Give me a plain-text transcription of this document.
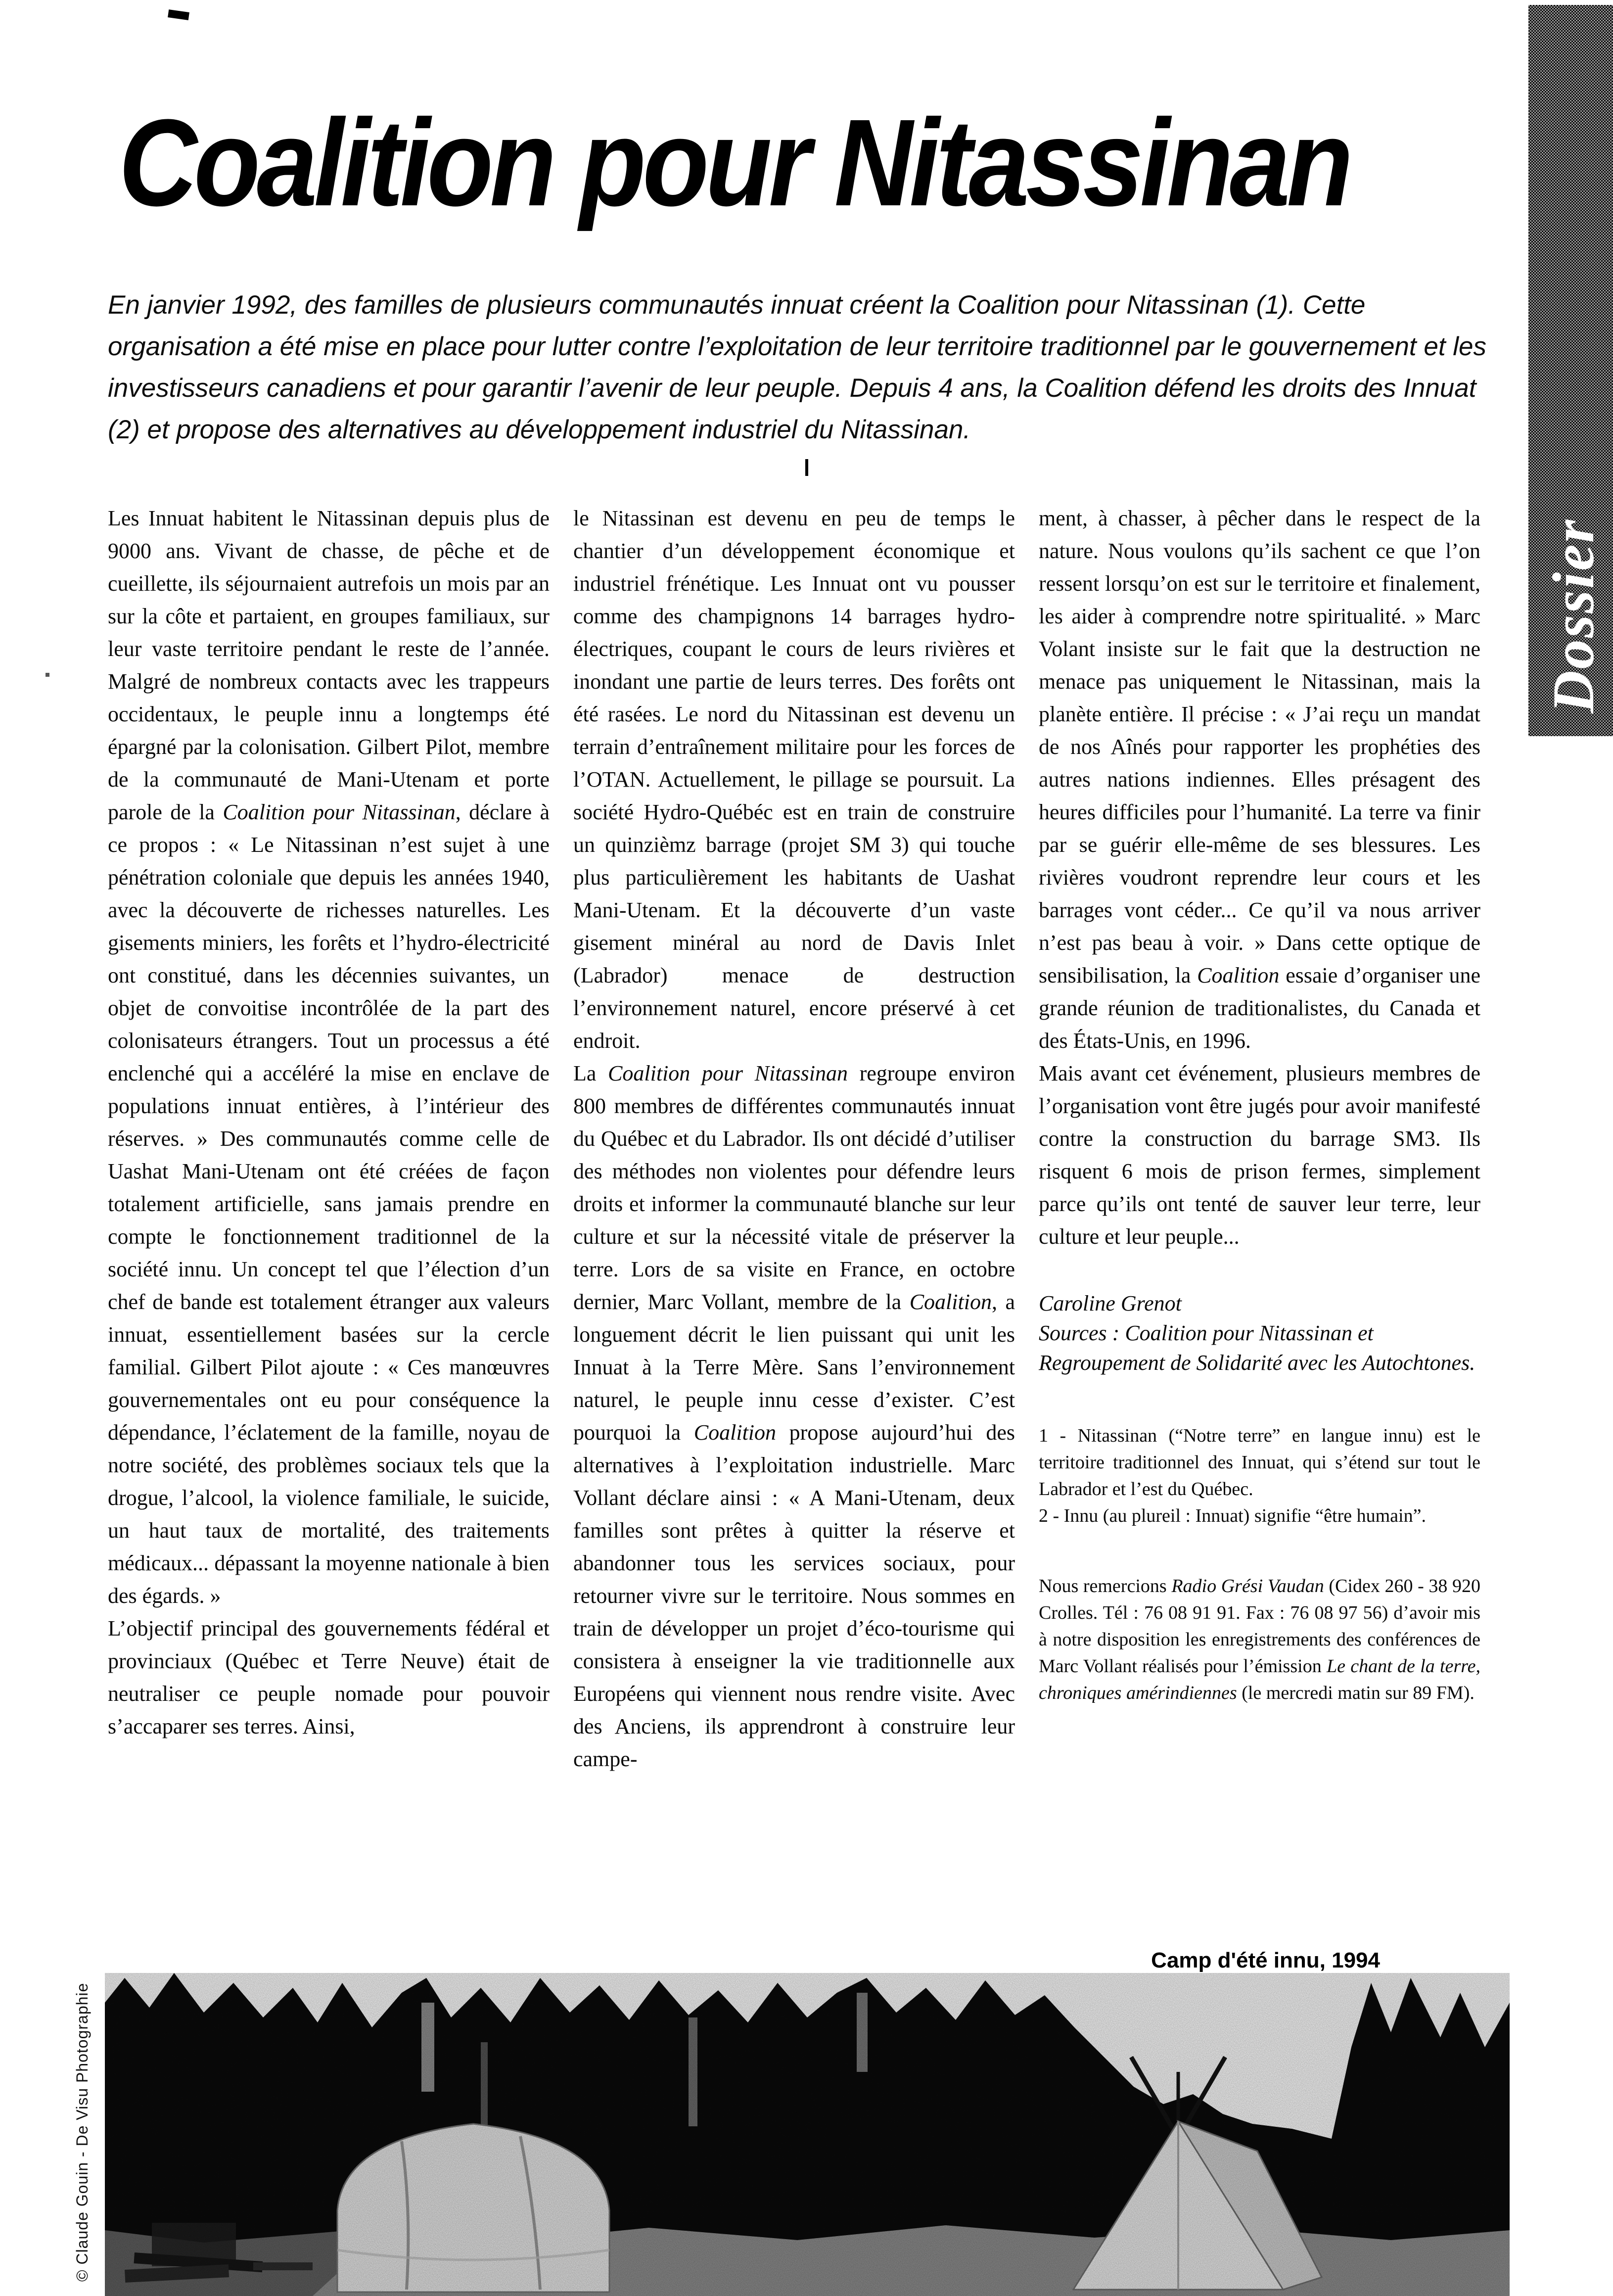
Dossier
Coalition pour Nitassinan

En janvier 1992, des familles de plusieurs communautés innuat créent la Coalition pour Nitassinan (1). Cette organisation a été mise en place pour lutter contre l’exploitation de leur territoire traditionnel par le gouvernement et les investisseurs canadiens et pour garantir l’avenir de leur peuple. Depuis 4 ans, la Coalition défend les droits des Innuat (2) et propose des alternatives au développement industriel du Nitassinan.

Les Innuat habitent le Nitassinan depuis plus de 9000 ans. Vivant de chasse, de pêche et de cueillette, ils séjournaient autrefois un mois par an sur la côte et partaient, en groupes familiaux, sur leur vaste territoire pendant le reste de l’année. Malgré de nombreux contacts avec les trappeurs occidentaux, le peuple innu a longtemps été épargné par la colonisation. Gilbert Pilot, membre de la communauté de Mani-Utenam et porte parole de la Coalition pour Nitassinan, déclare à ce propos : « Le Nitassinan n’est sujet à une pénétration coloniale que depuis les années 1940, avec la découverte de richesses naturelles. Les gisements miniers, les forêts et l’hydro-électricité ont constitué, dans les décennies suivantes, un objet de convoitise incontrôlée de la part des colonisateurs étrangers. Tout un processus a été enclenché qui a accéléré la mise en enclave de populations innuat entières, à l’intérieur des réserves. » Des communautés comme celle de Uashat Mani-Utenam ont été créées de façon totalement artificielle, sans jamais prendre en compte le fonctionnement traditionnel de la société innu. Un concept tel que l’élection d’un chef de bande est totalement étranger aux valeurs innuat, essentiellement basées sur la cercle familial. Gilbert Pilot ajoute : « Ces manœuvres gouvernementales ont eu pour conséquence la dépendance, l’éclatement de la famille, noyau de notre société, des problèmes sociaux tels que la drogue, l’alcool, la violence familiale, le suicide, un haut taux de mortalité, des traitements médicaux... dépassant la moyenne nationale à bien des égards. »

L’objectif principal des gouvernements fédéral et provinciaux (Québec et Terre Neuve) était de neutraliser ce peuple nomade pour pouvoir s’accaparer ses terres. Ainsi,

le Nitassinan est devenu en peu de temps le chantier d’un développement économique et industriel frénétique. Les Innuat ont vu pousser comme des champignons 14 barrages hydro-électriques, coupant le cours de leurs rivières et inondant une partie de leurs terres. Des forêts ont été rasées. Le nord du Nitassinan est devenu un terrain d’entraînement militaire pour les forces de l’OTAN. Actuellement, le pillage se poursuit. La société Hydro-Québéc est en train de construire un quinzièmz barrage (projet SM 3) qui touche plus particulièrement les habitants de Uashat Mani-Utenam. Et la découverte d’un vaste gisement minéral au nord de Davis Inlet (Labrador) menace de destruction l’environnement naturel, encore préservé à cet endroit.

La Coalition pour Nitassinan regroupe environ 800 membres de différentes communautés innuat du Québec et du Labrador. Ils ont décidé d’utiliser des méthodes non violentes pour défendre leurs droits et informer la communauté blanche sur leur culture et sur la nécessité vitale de préserver la terre. Lors de sa visite en France, en octobre dernier, Marc Vollant, membre de la Coalition, a longuement décrit le lien puissant qui unit les Innuat à la Terre Mère. Sans l’environnement naturel, le peuple innu cesse d’exister. C’est pourquoi la Coalition propose aujourd’hui des alternatives à l’exploitation industrielle. Marc Vollant déclare ainsi : « A Mani-Utenam, deux familles sont prêtes à quitter la réserve et abandonner tous les services sociaux, pour retourner vivre sur le territoire. Nous sommes en train de développer un projet d’éco-tourisme qui consistera à enseigner la vie traditionnelle aux Européens qui viennent nous rendre visite. Avec des Anciens, ils apprendront à construire leur campe-

ment, à chasser, à pêcher dans le respect de la nature. Nous voulons qu’ils sachent ce que l’on ressent lorsqu’on est sur le territoire et finalement, les aider à comprendre notre spiritualité. » Marc Volant insiste sur le fait que la destruction ne menace pas uniquement le Nitassinan, mais la planète entière. Il précise : « J’ai reçu un mandat de nos Aînés pour rapporter les prophéties des autres nations indiennes. Elles présagent des heures difficiles pour l’humanité. La terre va finir par se guérir elle-même de ses blessures. Les rivières voudront reprendre leur cours et les barrages vont céder... Ce qu’il va nous arriver n’est pas beau à voir. » Dans cette optique de sensibilisation, la Coalition essaie d’organiser une grande réunion de traditionalistes, du Canada et des États-Unis, en 1996.

Mais avant cet événement, plusieurs membres de l’organisation vont être jugés pour avoir manifesté contre la construction du barrage SM3. Ils risquent 6 mois de prison fermes, simplement parce qu’ils ont tenté de sauver leur terre, leur culture et leur peuple...

Caroline Grenot

Sources : Coalition pour Nitassinan et Regroupement de Solidarité avec les Autochtones.

1 - Nitassinan (“Notre terre” en langue innu) est le territoire traditionnel des Innuat, qui s’étend sur tout le Labrador et l’est du Québec.

2 - Innu (au plureil : Innuat) signifie “être humain”.

Nous remercions Radio Grési Vaudan (Cidex 260 - 38 920 Crolles. Tél : 76 08 91 91. Fax : 76 08 97 56) d’avoir mis à notre disposition les enregistrements des conférences de Marc Vollant réalisés pour l’émission Le chant de la terre, chroniques amérindiennes (le mercredi matin sur 89 FM).

Camp d'été innu, 1994
© Claude Gouin - De Visu Photographie
